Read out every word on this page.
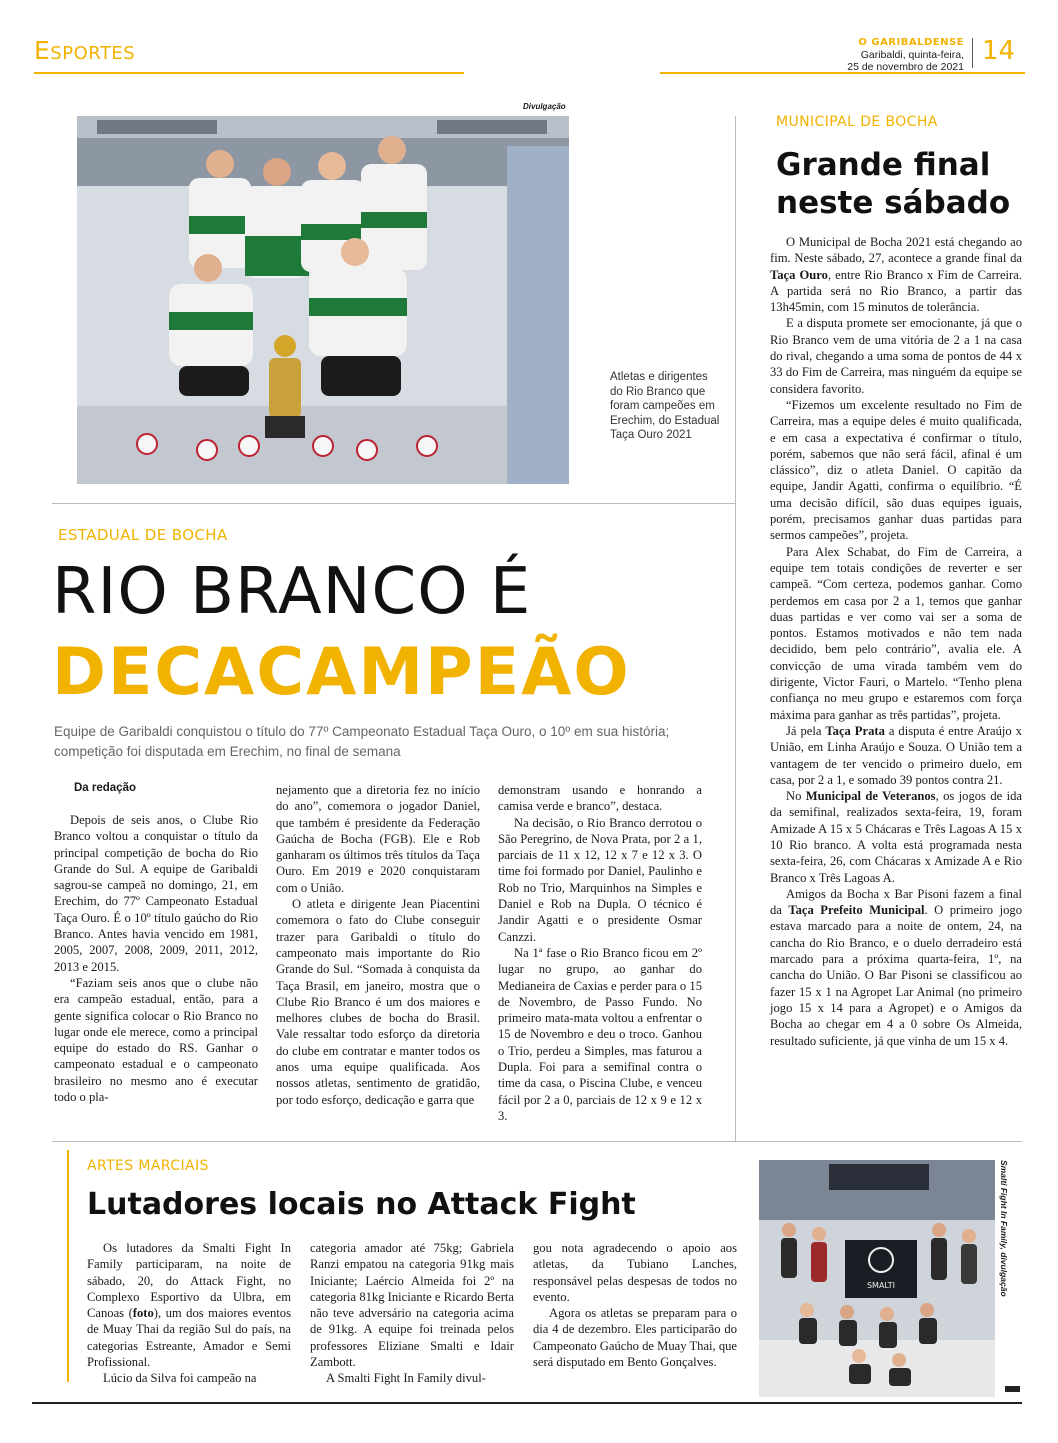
Esportes	O GARIBALDENSE
Garibaldi, quinta-feira,
25 de novembro de 2021
14
Divulgação
Atletas e dirigentes do Rio Branco que foram campeões em Erechim, do Estadual Taça Ouro 2021
ESTADUAL DE BOCHA
RIO BRANCO É
DECACAMPEÃO
Equipe de Garibaldi conquistou o título do 77º Campeonato Estadual Taça Ouro, o 10º em sua história; competição foi disputada em Erechim, no final de semana
Da redação

Depois de seis anos, o Clube Rio Branco voltou a conquistar o título da principal competição de bocha do Rio Grande do Sul. A equipe de Garibaldi sagrou-se campeã no domingo, 21, em Erechim, do 77º Campeonato Estadual Taça Ouro. É o 10º título gaúcho do Rio Branco. Antes havia vencido em 1981, 2005, 2007, 2008, 2009, 2011, 2012, 2013 e 2015.

“Faziam seis anos que o clube não era campeão estadual, então, para a gente significa colocar o Rio Branco no lugar onde ele merece, como a principal equipe do estado do RS. Ganhar o campeonato estadual e o campeonato brasileiro no mesmo ano é executar todo o pla-

nejamento que a diretoria fez no início do ano”, comemora o jogador Daniel, que também é presidente da Federação Gaúcha de Bocha (FGB). Ele e Rob ganharam os últimos três títulos da Taça Ouro. Em 2019 e 2020 conquistaram com o União.

O atleta e dirigente Jean Piacentini comemora o fato do Clube conseguir trazer para Garibaldi o título do campeonato mais importante do Rio Grande do Sul. “Somada à conquista da Taça Brasil, em janeiro, mostra que o Clube Rio Branco é um dos maiores e melhores clubes de bocha do Brasil. Vale ressaltar todo esforço da diretoria do clube em contratar e manter todos os anos uma equipe qualificada. Aos nossos atletas, sentimento de gratidão, por todo esforço, dedicação e garra que

demonstram usando e honrando a camisa verde e branco”, destaca.

Na decisão, o Rio Branco derrotou o São Peregrino, de Nova Prata, por 2 a 1, parciais de 11 x 12, 12 x 7 e 12 x 3. O time foi formado por Daniel, Paulinho e Rob no Trio, Marquinhos na Simples e Daniel e Rob na Dupla. O técnico é Jandir Agatti e o presidente Osmar Canzzi.

Na 1ª fase o Rio Branco ficou em 2º lugar no grupo, ao ganhar do Medianeira de Caxias e perder para o 15 de Novembro, de Passo Fundo. No primeiro mata-mata voltou a enfrentar o 15 de Novembro e deu o troco. Ganhou o Trio, perdeu a Simples, mas faturou a Dupla. Foi para a semifinal contra o time da casa, o Piscina Clube, e venceu fácil por 2 a 0, parciais de 12 x 9 e 12 x 3.

MUNICIPAL DE BOCHA
Grande final neste sábado

O Municipal de Bocha 2021 está chegando ao fim. Neste sábado, 27, acontece a grande final da Taça Ouro, entre Rio Branco x Fim de Carreira. A partida será no Rio Branco, a partir das 13h45min, com 15 minutos de tolerância.

E a disputa promete ser emocionante, já que o Rio Branco vem de uma vitória de 2 a 1 na casa do rival, chegando a uma soma de pontos de 44 x 33 do Fim de Carreira, mas ninguém da equipe se considera favorito.

“Fizemos um excelente resultado no Fim de Carreira, mas a equipe deles é muito qualificada, e em casa a expectativa é confirmar o título, porém, sabemos que não será fácil, afinal é um clássico”, diz o atleta Daniel. O capitão da equipe, Jandir Agatti, confirma o equilíbrio. “É uma decisão difícil, são duas equipes iguais, porém, precisamos ganhar duas partidas para sermos campeões”, projeta.

Para Alex Schabat, do Fim de Carreira, a equipe tem totais condições de reverter e ser campeã. “Com certeza, podemos ganhar. Como perdemos em casa por 2 a 1, temos que ganhar duas partidas e ver como vai ser a soma de pontos. Estamos motivados e não tem nada decidido, bem pelo contrário”, avalia ele. A convicção de uma virada também vem do dirigente, Victor Fauri, o Martelo. “Tenho plena confiança no meu grupo e estaremos com força máxima para ganhar as três partidas”, projeta.

Já pela Taça Prata a disputa é entre Araújo x União, em Linha Araújo e Souza. O União tem a vantagem de ter vencido o primeiro duelo, em casa, por 2 a 1, e somado 39 pontos contra 21.

No Municipal de Veteranos, os jogos de ida da semifinal, realizados sexta-feira, 19, foram Amizade A 15 x 5 Chácaras e Três Lagoas A 15 x 10 Rio branco. A volta está programada nesta sexta-feira, 26, com Chácaras x Amizade A e Rio Branco x Três Lagoas A.

Amigos da Bocha x Bar Pisoni fazem a final da Taça Prefeito Municipal. O primeiro jogo estava marcado para a noite de ontem, 24, na cancha do Rio Branco, e o duelo derradeiro está marcado para a próxima quarta-feira, 1º, na cancha do União. O Bar Pisoni se classificou ao fazer 15 x 1 na Agropet Lar Animal (no primeiro jogo 15 x 14 para a Agropet) e o Amigos da Bocha ao chegar em 4 a 0 sobre Os Almeida, resultado suficiente, já que vinha de um 15 x 4.

ARTES MARCIAIS
Lutadores locais no Attack Fight

Os lutadores da Smalti Fight In Family participaram, na noite de sábado, 20, do Attack Fight, no Complexo Esportivo da Ulbra, em Canoas (foto), um dos maiores eventos de Muay Thai da região Sul do país, na categorias Estreante, Amador e Semi Profissional.

Lúcio da Silva foi campeão na

categoria amador até 75kg; Gabriela Ranzi empatou na categoria 91kg mais Iniciante; Laércio Almeida foi 2º na categoria 81kg Iniciante e Ricardo Berta não teve adversário na categoria acima de 91kg. A equipe foi treinada pelos professores Eliziane Smalti e Idair Zambott.

A Smalti Fight In Family divul-

gou nota agradecendo o apoio aos atletas, da Tubiano Lanches, responsável pelas despesas de todos no evento.

Agora os atletas se preparam para o dia 4 de dezembro. Eles participarão do Campeonato Gaúcho de Muay Thai, que será disputado em Bento Gonçalves.

SMALTI	Smalti Fight In Family, divulgação
